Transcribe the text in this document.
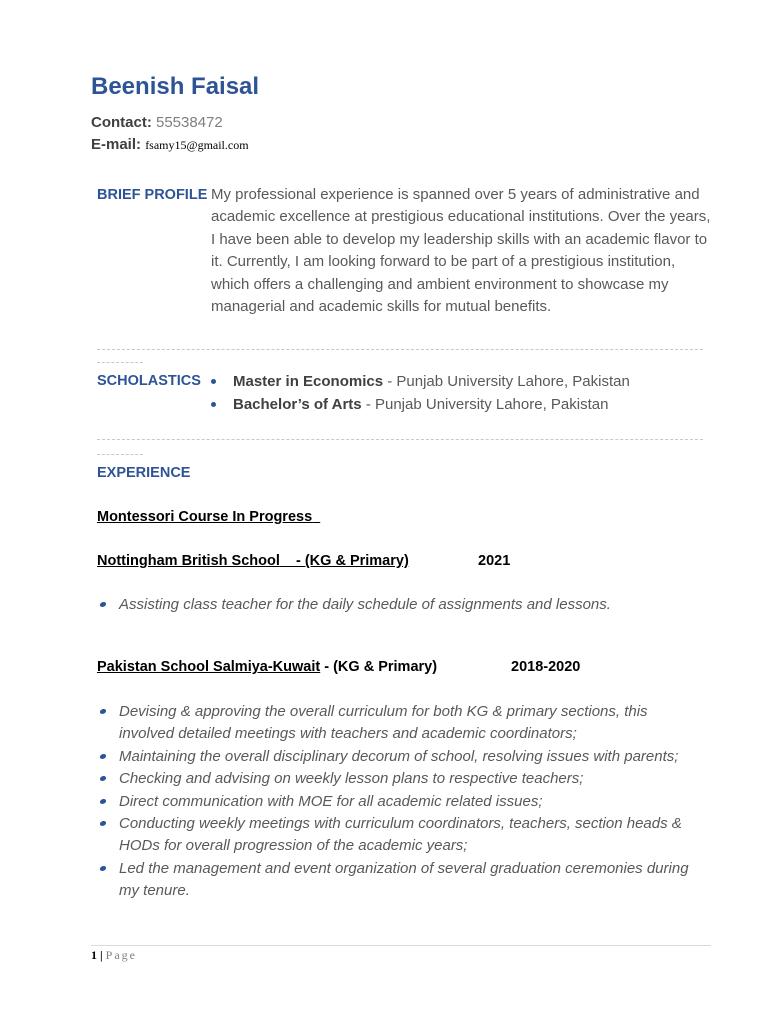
Beenish Faisal
Contact: 55538472
E-mail: fsamy15@gmail.com
BRIEF PROFILE My professional experience is spanned over 5 years of administrative and academic excellence at prestigious educational institutions. Over the years, I have been able to develop my leadership skills with an academic flavor to it. Currently, I am looking forward to be part of a prestigious institution, which offers a challenging and ambient environment to showcase my managerial and academic skills for mutual benefits.
SCHOLASTICS	Master in Economics - Punjab University Lahore, Pakistan
Bachelor’s of Arts - Punjab University Lahore, Pakistan
EXPERIENCE
Montessori Course In Progress
Nottingham British School - (KG & Primary)	2021
Assisting class teacher for the daily schedule of assignments and lessons.
Pakistan School Salmiya-Kuwait - (KG & Primary)	2018-2020
Devising & approving the overall curriculum for both KG & primary sections, this involved detailed meetings with teachers and academic coordinators;
Maintaining the overall disciplinary decorum of school, resolving issues with parents;
Checking and advising on weekly lesson plans to respective teachers;
Direct communication with MOE for all academic related issues;
Conducting weekly meetings with curriculum coordinators, teachers, section heads & HODs for overall progression of the academic years;
Led the management and event organization of several graduation ceremonies during my tenure.
1 | Page
